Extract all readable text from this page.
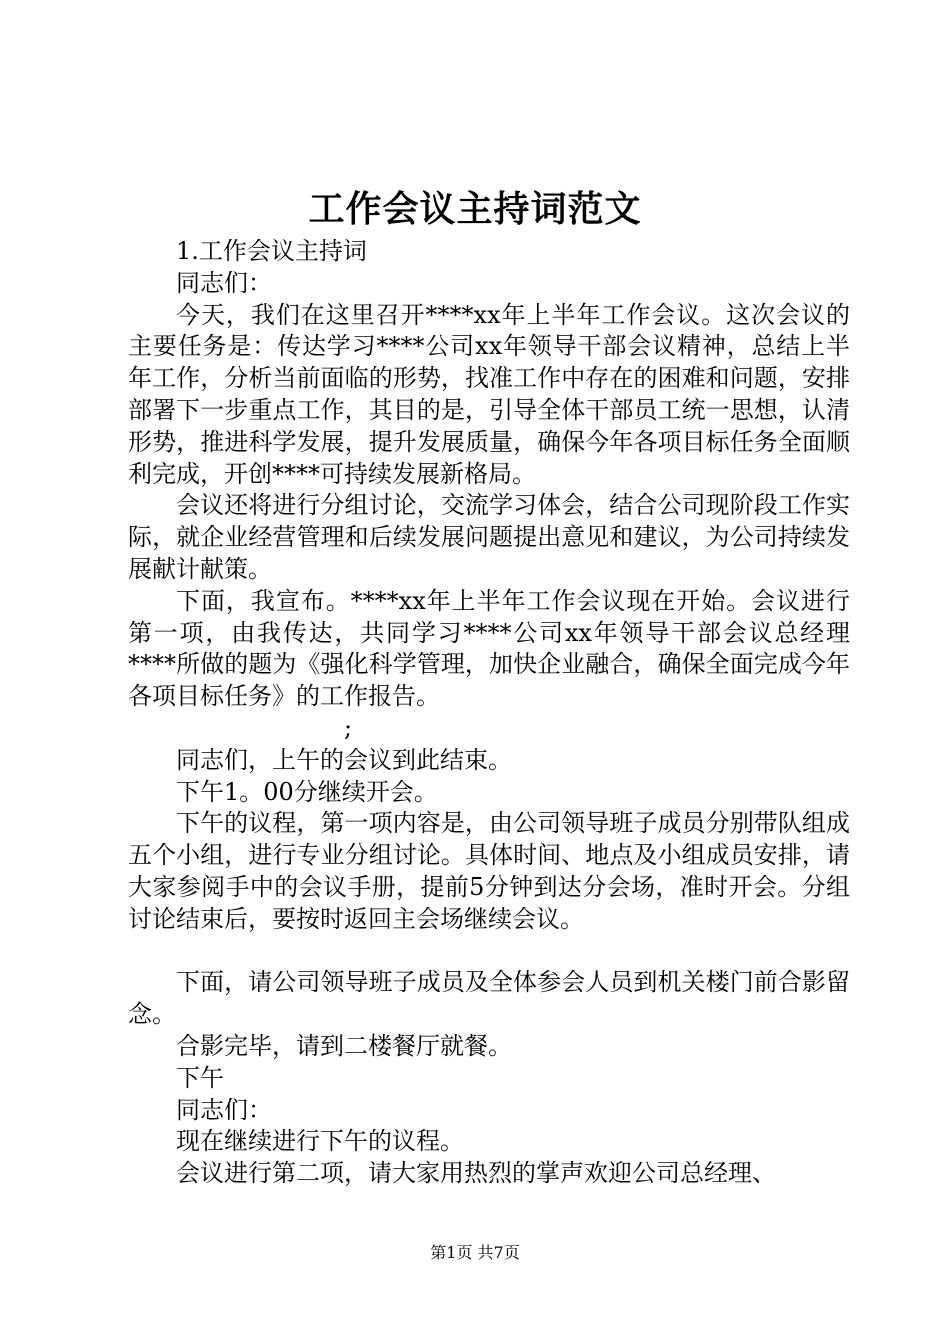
工作会议主持词范文

1.工作会议主持词

同志们：

今天，我们在这里召开****xx年上半年工作会议。这次会议的主要任务是：传达学习****公司xx年领导干部会议精神，总结上半年工作，分析当前面临的形势，找准工作中存在的困难和问题，安排部署下一步重点工作，其目的是，引导全体干部员工统一思想，认清形势，推进科学发展，提升发展质量，确保今年各项目标任务全面顺利完成，开创****可持续发展新格局。

会议还将进行分组讨论，交流学习体会，结合公司现阶段工作实际，就企业经营管理和后续发展问题提出意见和建议，为公司持续发展献计献策。

下面，我宣布。****xx年上半年工作会议现在开始。会议进行第一项，由我传达，共同学习****公司xx年领导干部会议总经理****所做的题为《强化科学管理，加快企业融合，确保全面完成今年各项目标任务》的工作报告。

;

同志们，上午的会议到此结束。

下午1。00分继续开会。

下午的议程，第一项内容是，由公司领导班子成员分别带队组成五个小组，进行专业分组讨论。具体时间、地点及小组成员安排，请大家参阅手中的会议手册，提前5分钟到达分会场，准时开会。分组讨论结束后，要按时返回主会场继续会议。

下面，请公司领导班子成员及全体参会人员到机关楼门前合影留念。

合影完毕，请到二楼餐厅就餐。

下午

同志们：

现在继续进行下午的议程。

会议进行第二项，请大家用热烈的掌声欢迎公司总经理、

第1页 共7页
